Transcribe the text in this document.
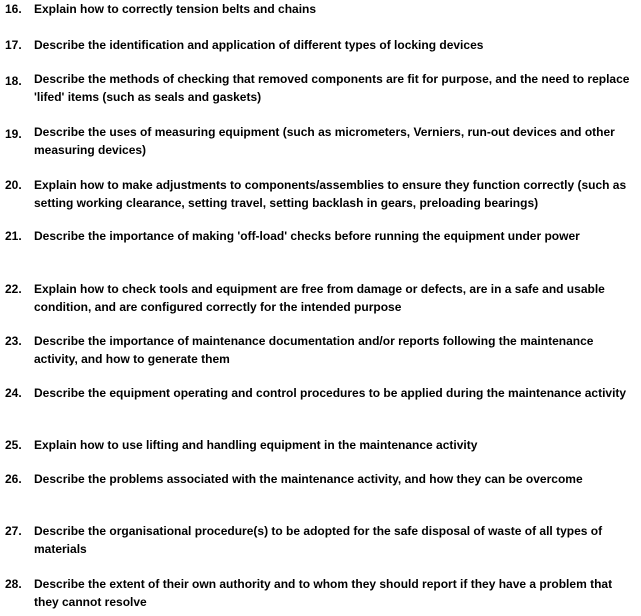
16.	Explain how to correctly tension belts and chains
17.	Describe the identification and application of different types of locking devices
18.	Describe the methods of checking that removed components are fit for purpose, and the need to replace 'lifed' items (such as seals and gaskets)
19.	Describe the uses of measuring equipment (such as micrometers, Verniers, run-out devices and other measuring devices)
20.	Explain how to make adjustments to components/assemblies to ensure they function correctly (such as setting working clearance, setting travel, setting backlash in gears, preloading bearings)
21.	Describe the importance of making 'off-load' checks before running the equipment under power
22.	Explain how to check tools and equipment are free from damage or defects, are in a safe and usable condition, and are configured correctly for the intended purpose
23.	Describe the importance of maintenance documentation and/or reports following the maintenance activity, and how to generate them
24.	Describe the equipment operating and control procedures to be applied during the maintenance activity
25.	Explain how to use lifting and handling equipment in the maintenance activity
26.	Describe the problems associated with the maintenance activity, and how they can be overcome
27.	Describe the organisational procedure(s) to be adopted for the safe disposal of waste of all types of materials
28.	Describe the extent of their own authority and to whom they should report if they have a problem that they cannot resolve
